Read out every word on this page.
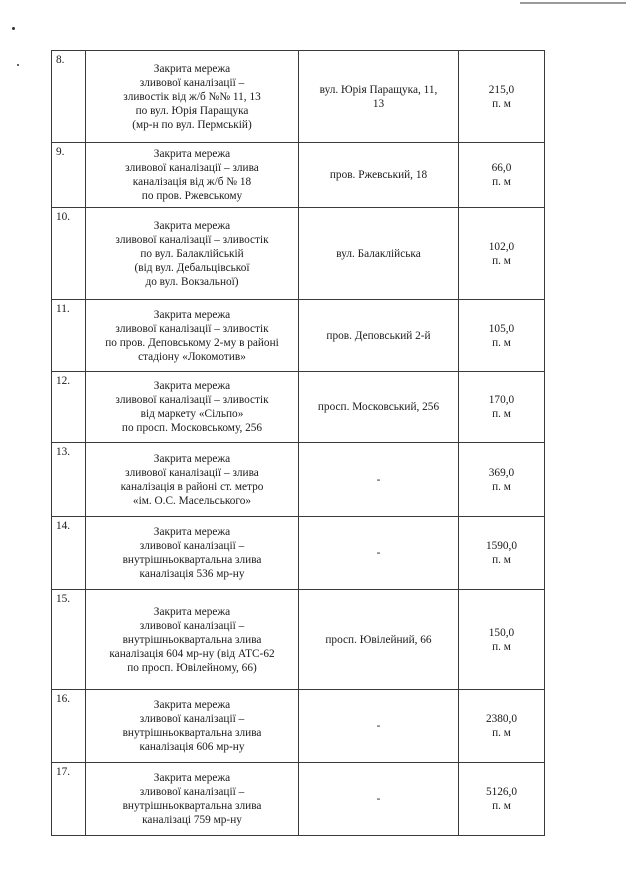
8.	Закрита мережа
зливової каналізації –
зливостік від ж/б №№ 11, 13
по вул. Юрія Паращука
(мр-н по вул. Пермській)	вул. Юрія Паращука, 11,
13	215,0
п. м

9.	Закрита мережа
зливової каналізації – злива
каналізація від ж/б № 18
по пров. Ржевському	пров. Ржевський, 18	66,0
п. м

10.	Закрита мережа
зливової каналізації – зливостік
по вул. Балаклійській
(від вул. Дебальцівської
до вул. Вокзальної)	вул. Балаклійська	102,0
п. м

11.	Закрита мережа
зливової каналізації – зливостік
по пров. Деповському 2-му в районі
стадіону «Локомотив»	пров. Деповський 2-й	105,0
п. м

12.	Закрита мережа
зливової каналізації – зливостік
від маркету «Сільпо»
по просп. Московському, 256	просп. Московський, 256	170,0
п. м

13.	Закрита мережа
зливової каналізації – злива
каналізація в районі ст. метро
«ім. О.С. Масельського»	-	369,0
п. м

14.	Закрита мережа
зливової каналізації –
внутрішньоквартальна злива
каналізація 536 мр-ну	-	1590,0
п. м

15.	Закрита мережа
зливової каналізації –
внутрішньоквартальна злива
каналізація 604 мр-ну (від АТС-62
по просп. Ювілейному, 66)	просп. Ювілейний, 66	150,0
п. м

16.	Закрита мережа
зливової каналізації –
внутрішньоквартальна злива
каналізація 606 мр-ну	-	2380,0
п. м

17.	Закрита мережа
зливової каналізації –
внутрішньоквартальна злива
каналізаці 759 мр-ну	-	5126,0
п. м
